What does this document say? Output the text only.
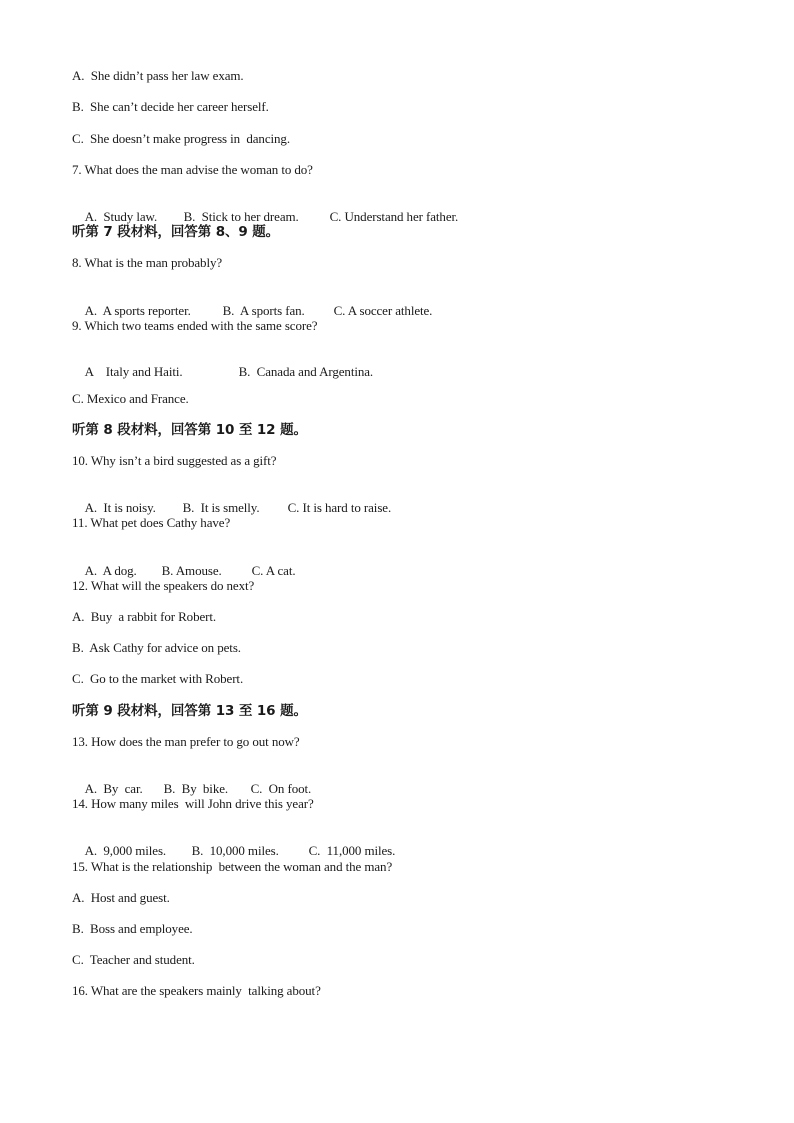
A.  She didn’t pass her law exam.
B.  She can’t decide her career herself.
C.  She doesn’t make progress in  dancing.
7. What does the man advise the woman to do?

A.  Study law. B.  Stick to her dream. C. Understand her father.

听第 7 段材料，回答第 8、9 题。
8. What is the man probably?

A.  A sports reporter. B.  A sports fan. C. A soccer athlete.

9. Which two teams ended with the same score?

A    Italy and Haiti.	B.  Canada and Argentina.

C. Mexico and France.
听第 8 段材料，回答第 10 至 12 题。
10. Why isn’t a bird suggested as a gift?

A.  It is noisy. B.  It is smelly. C. It is hard to raise.

11. What pet does Cathy have?

A.  A dog. B. Amouse. C. A cat.

12. What will the speakers do next?
A.  Buy  a rabbit for Robert.
B.  Ask Cathy for advice on pets.
C.  Go to the market with Robert.
听第 9 段材料，回答第 13 至 16 题。
13. How does the man prefer to go out now?

A.  By  car. B.  By  bike. C.  On foot.

14. How many miles  will John drive this year?

A.  9,000 miles. B.  10,000 miles. C.  11,000 miles.

15. What is the relationship  between the woman and the man?
A.  Host and guest.
B.  Boss and employee.
C.  Teacher and student.
16. What are the speakers mainly  talking about?
